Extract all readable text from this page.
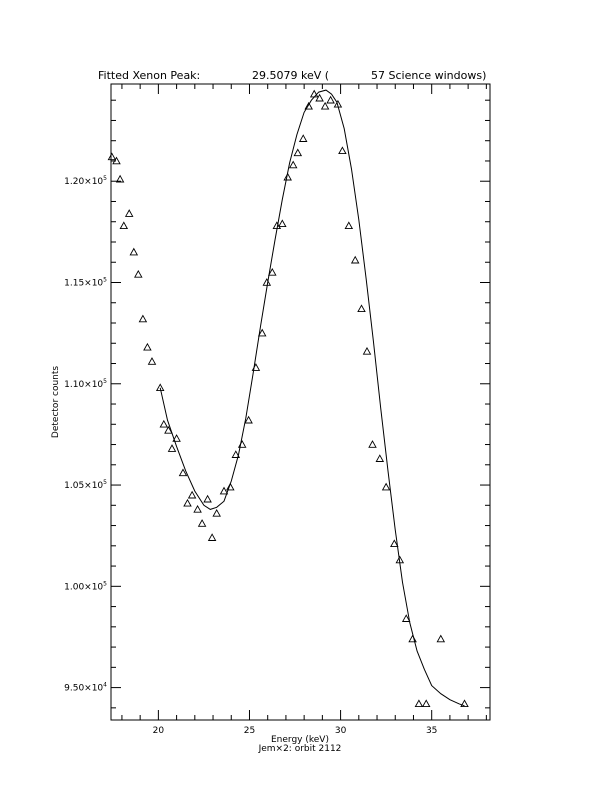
Fitted Xenon Peak:	29.5079 keV (	57 Science windows)
$9.50\times 10^4$
$1.00\times 10^5$
$1.05\times 10^5$
$1.10\times 10^5$
$1.15\times 10^5$
$1.20\times 10^5$
20	25	30	35
Energy (keV)
Jem×2: orbit 2112
Detector counts
